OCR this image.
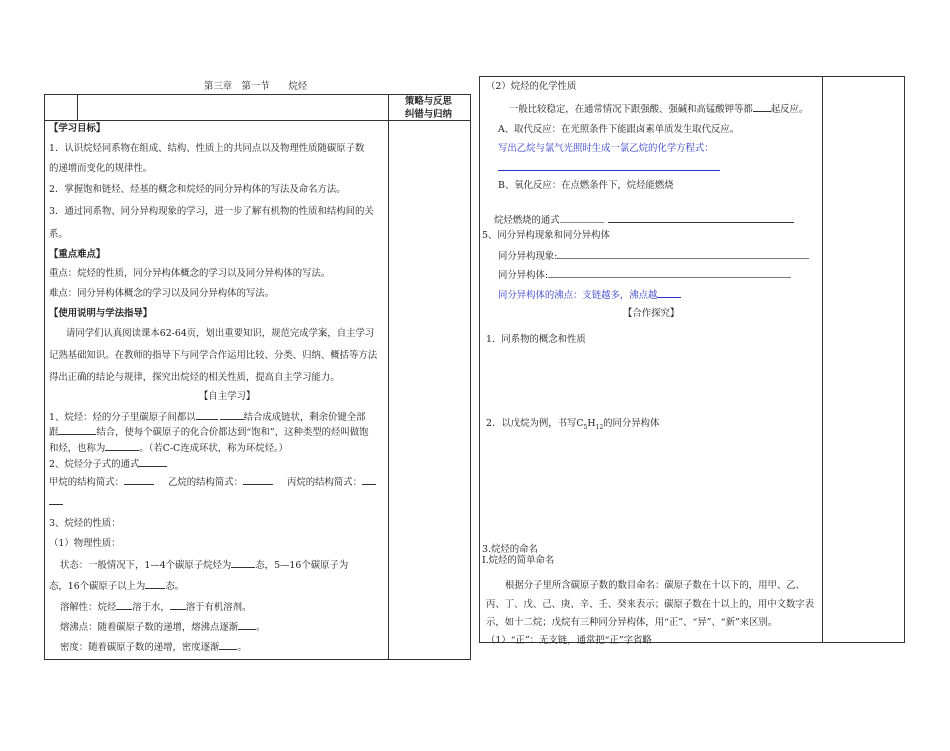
第三章　第一节　　烷烃
策略与反思
纠错与归纳
【学习目标】
1．认识烷烃同系物在组成、结构、性质上的共同点以及物理性质随碳原子数
的递增而变化的规律性。
2．掌握饱和链烃、烃基的概念和烷烃的同分异构体的写法及命名方法。
3．通过同系物、同分异构现象的学习，进一步了解有机物的性质和结构间的关
系。
【重点难点】
重点：烷烃的性质，同分异构体概念的学习以及同分异构体的写法。
难点：同分异构体概念的学习以及同分异构体的写法。
【使用说明与学法指导】
请同学们认真阅读课本62-64页，划出重要知识，规范完成学案，自主学习
记熟基础知识。在教师的指导下与同学合作运用比较、分类、归纳、概括等方法
得出正确的结论与规律，探究出烷烃的相关性质，提高自主学习能力。
【自主学习】
1、烷烃：烃的分子里碳原子间都以	结合成成链状，剩余价键全部
跟	结合，使每个碳原子的化合价都达到“饱和”，这种类型的烃叫做饱
和烃，也称为	。（若C-C连成环状，称为环烷烃。）
2、烷烃分子式的通式
甲烷的结构简式：	乙烷的结构简式：	丙烷的结构简式：
3、烷烃的性质：
（1）物理性质：
状态：一般情况下，1—4个碳原子烷烃为	态，5—16个碳原子为
态，16个碳原子以上为 态。
溶解性：烷烃 溶于水， 溶于有机溶剂。
熔沸点：随着碳原子数的递增，熔沸点逐渐 。
密度：随着碳原子数的递增，密度逐渐 。
（2）烷烃的化学性质
一般比较稳定，在通常情况下跟强酸、强碱和高锰酸钾等都 起反应。
A、取代反应：在光照条件下能跟卤素单质发生取代反应。
写出乙烷与氯气光照时生成一氯乙烷的化学方程式：
B、氧化反应：在点燃条件下，烷烃能燃烧
烷烃燃烧的通式
5、同分异构现象和同分异构体
同分异构现象:
同分异构体:
同分异构体的沸点：支链越多，沸点越
【合作探究】
1．同系物的概念和性质
2．以戊烷为例，书写$C_5H_{12}$的同分异构体
3.烷烃的命名
Ⅰ.烷烃的简单命名
根据分子里所含碳原子数的数目命名：碳原子数在十以下的，用甲、乙、
丙、丁、戊、己、庚、辛、壬、癸来表示；碳原子数在十以上的，用中文数字表
示，如十二烷；戊烷有三种同分异构体，用“正”、“异”、“新”来区别。
（1）“正”：无支链，通常把“正”字省略
